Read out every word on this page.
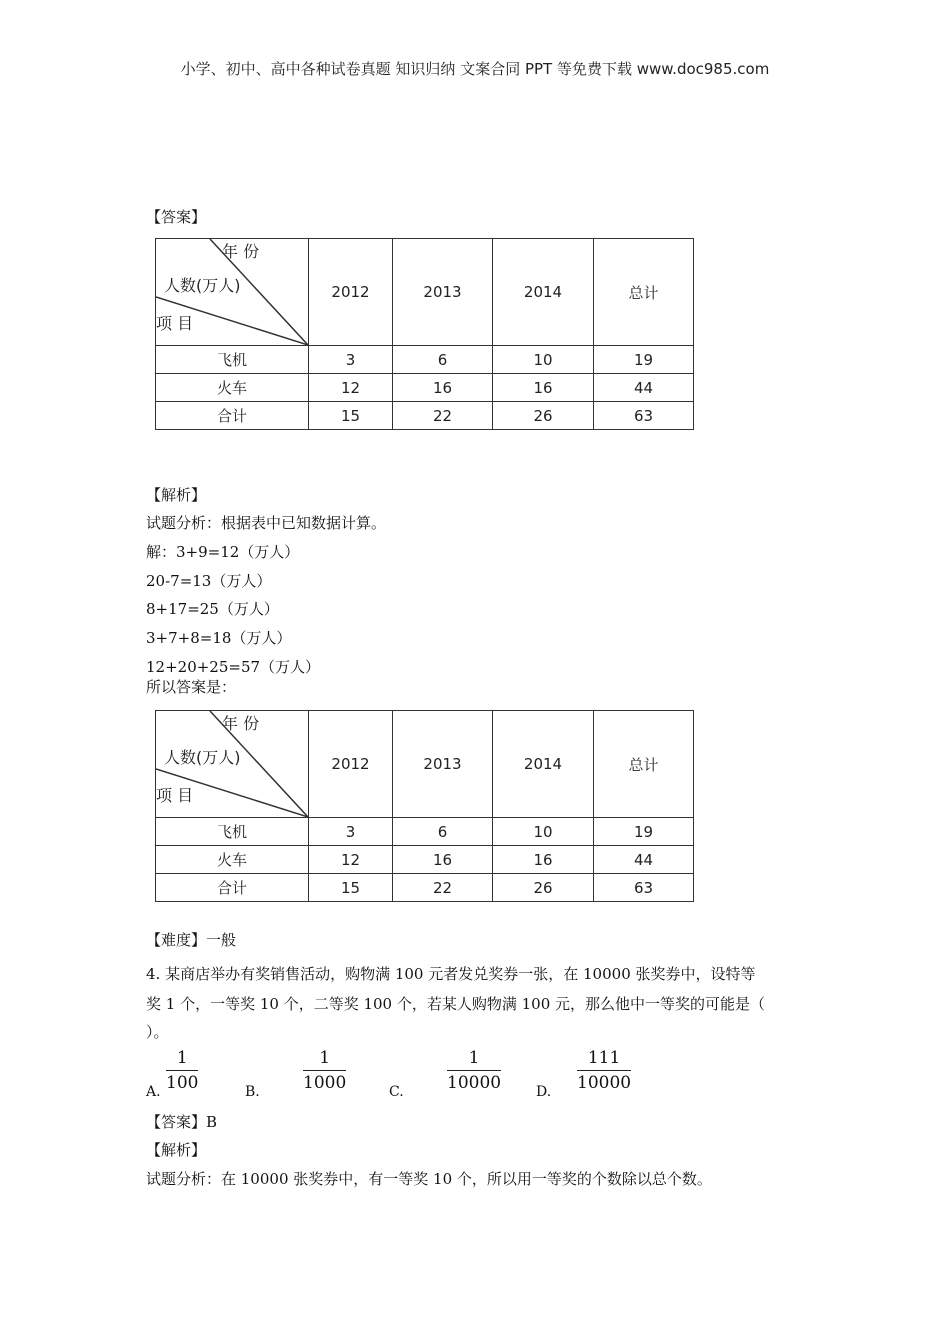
小学、初中、高中各种试卷真题 知识归纳 文案合同 PPT 等免费下载 www.doc985.com
【答案】
年 份
人数(万人)
项 目	2012	2013	2014	总计
飞机	3	6	10	19
火车	12	16	16	44
合计	15	22	26	63
【解析】
试题分析：根据表中已知数据计算。
解：3+9=12（万人）
20-7=13（万人）
8+17=25（万人）
3+7+8=18（万人）
12+20+25=57（万人）
所以答案是：
年 份
人数(万人)
项 目	2012	2013	2014	总计
飞机	3	6	10	19
火车	12	16	16	44
合计	15	22	26	63
【难度】一般
4. 某商店举办有奖销售活动，购物满 100 元者发兑奖券一张，在 10000 张奖券中，设特等
奖 1 个，一等奖 10 个，二等奖 100 个，若某人购物满 100 元，那么他中一等奖的可能是（
）。
A. $\frac{1}{100}$	B.	$\frac{1}{1000}$	C.	$\frac{1}{10000} D$. $\frac{111}{10000}$
【答案】B
【解析】
试题分析：在 10000 张奖券中，有一等奖 10 个，所以用一等奖的个数除以总个数。
